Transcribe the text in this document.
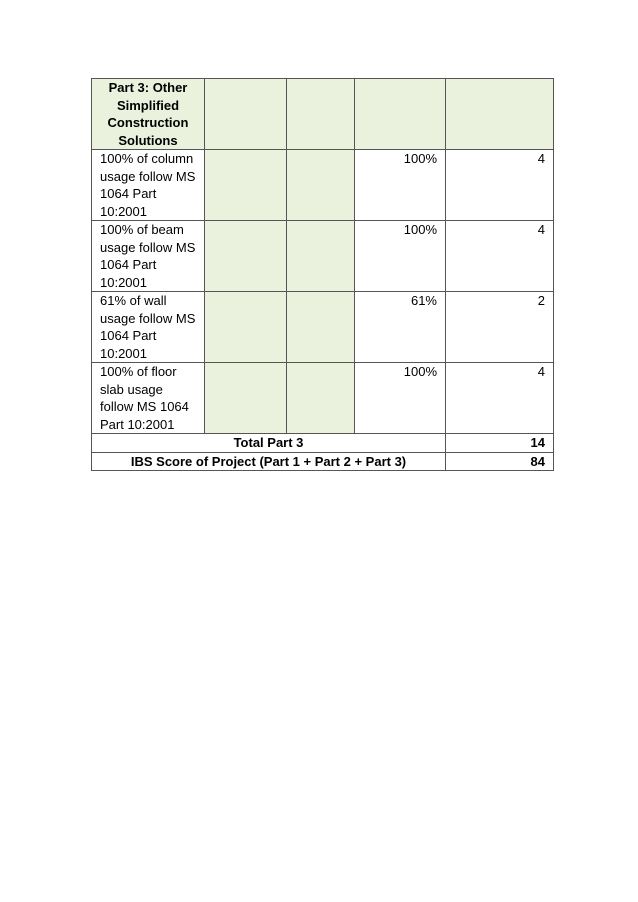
Part 3: Other Simplified Construction Solutions				
100% of column usage follow MS 1064 Part 10:2001			100%	4
100% of beam usage follow MS 1064 Part 10:2001			100%	4
61% of wall usage follow MS 1064 Part 10:2001			61%	2
100% of floor slab usage follow MS 1064 Part 10:2001			100%	4
Total Part 3				14
IBS Score of Project (Part 1 + Part 2 + Part 3)				84
